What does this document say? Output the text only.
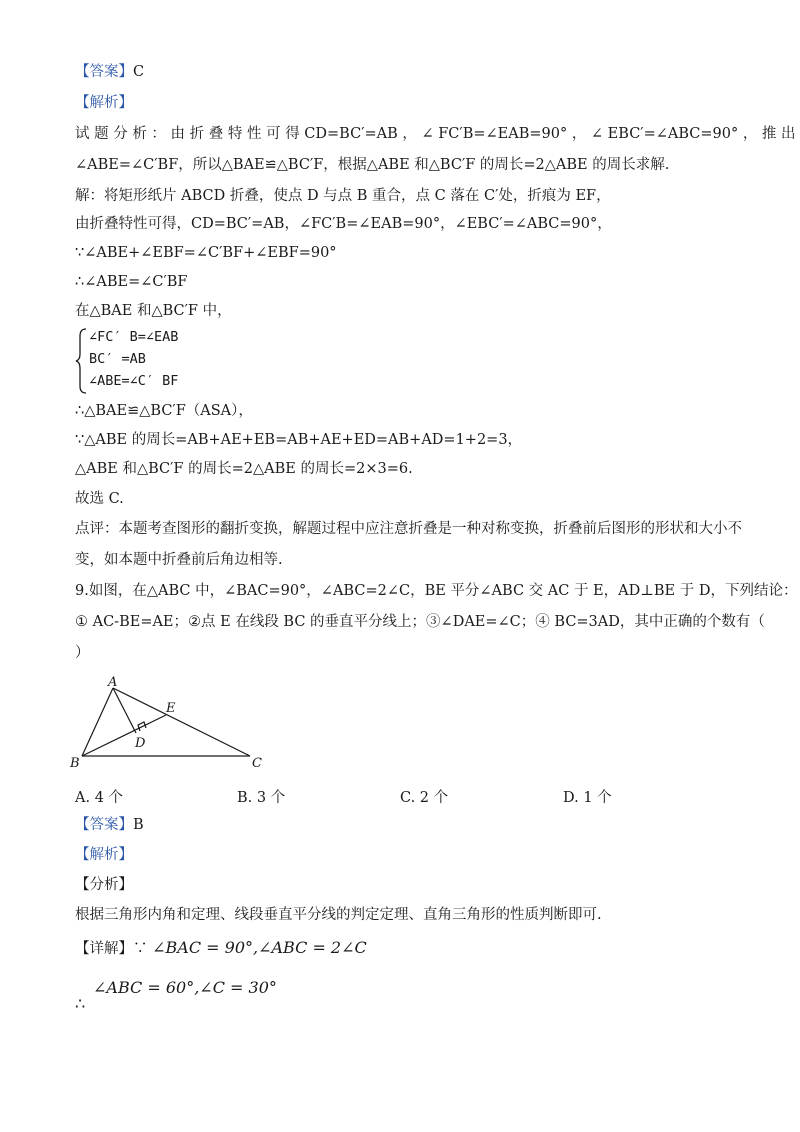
【答案】C
【解析】
试 题 分 析 ： 由 折 叠 特 性 可 得 CD=BC′=AB ， ∠ FC′B=∠EAB=90° ， ∠ EBC′=∠ABC=90° ， 推 出
∠ABE=∠C′BF，所以△BAE≌△BC′F，根据△ABE 和△BC′F 的周长=2△ABE 的周长求解.
解：将矩形纸片 ABCD 折叠，使点 D 与点 B 重合，点 C 落在 C′处，折痕为 EF，
由折叠特性可得，CD=BC′=AB，∠FC′B=∠EAB=90°，∠EBC′=∠ABC=90°，
∵∠ABE+∠EBF=∠C′BF+∠EBF=90°
∴∠ABE=∠C′BF
在△BAE 和△BC′F 中，
∠FC′ B=∠EAB
BC′ =AB
∠ABE=∠C′ BF
∴△BAE≌△BC′F（ASA），
∵△ABE 的周长=AB+AE+EB=AB+AE+ED=AB+AD=1+2=3，
△ABE 和△BC′F 的周长=2△ABE 的周长=2×3=6.
故选 C.
点评：本题考查图形的翻折变换，解题过程中应注意折叠是一种对称变换，折叠前后图形的形状和大小不
变，如本题中折叠前后角边相等.
9.如图，在△ABC 中，∠BAC=90°，∠ABC=2∠C，BE 平分∠ABC 交 AC 于 E，AD⊥BE 于 D，下列结论：
① AC-BE=AE；②点 E 在线段 BC 的垂直平分线上；③∠DAE=∠C；④ BC=3AD，其中正确的个数有（
）
A
B	C
D
E
A. 4 个	B. 3 个	C. 2 个	D. 1 个
【答案】B
【解析】
【分析】
根据三角形内角和定理、线段垂直平分线的判定定理、直角三角形的性质判断即可.
【详解】∵ ∠BAC = 90°,∠ABC = 2∠C
∠ABC = 60°,∠C = 30°
∴
